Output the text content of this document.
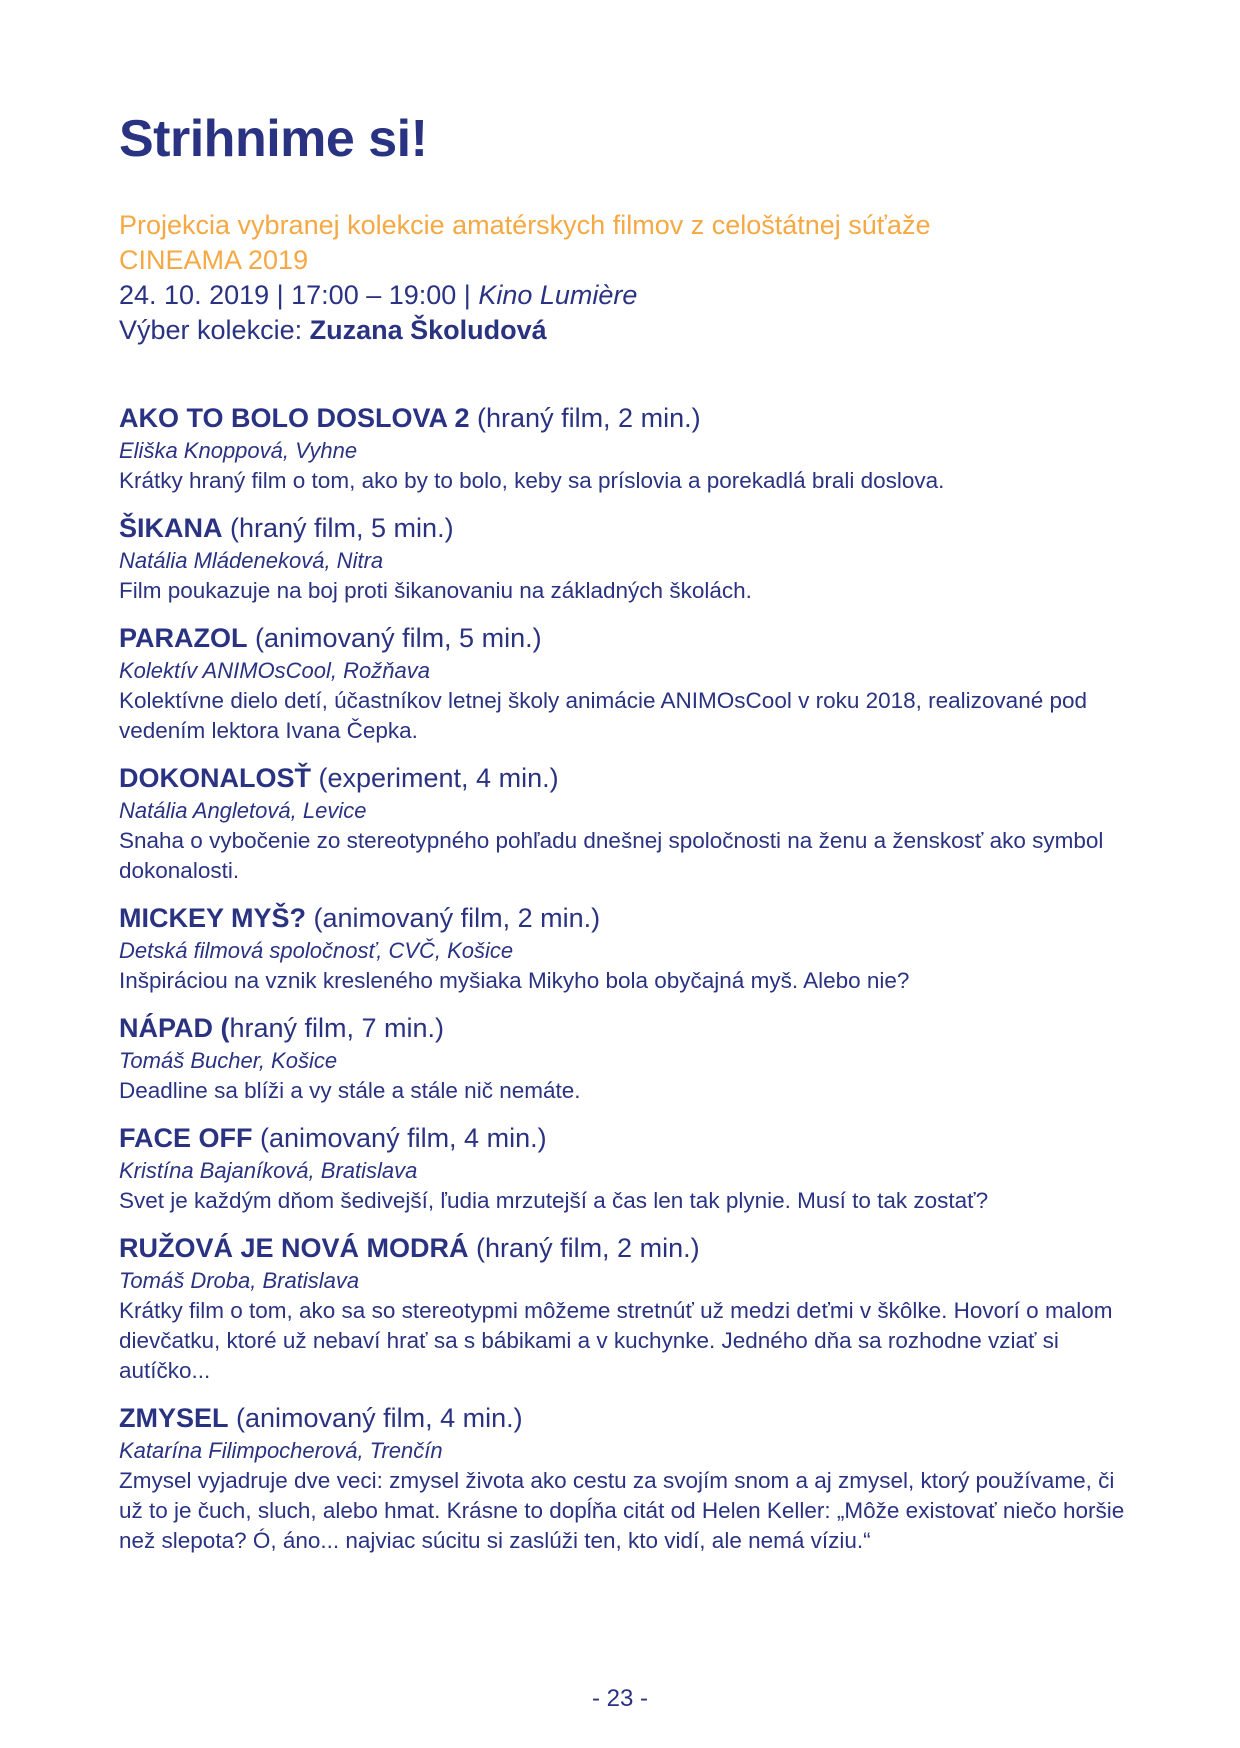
Strihnime si!

Projekcia vybranej kolekcie amatérskych filmov z celoštátnej súťaže
CINEAMA 2019

24. 10. 2019 | 17:00 – 19:00 | Kino Lumière

Výber kolekcie: Zuzana Školudová

AKO TO BOLO DOSLOVA 2 (hraný film, 2 min.)

Eliška Knoppová, Vyhne

Krátky hraný film o tom, ako by to bolo, keby sa príslovia a porekadlá brali doslova.

ŠIKANA (hraný film, 5 min.)

Natália Mládeneková, Nitra

Film poukazuje na boj proti šikanovaniu na základných školách.

PARAZOL (animovaný film, 5 min.)

Kolektív ANIMOsCool, Rožňava

Kolektívne dielo detí, účastníkov letnej školy animácie ANIMOsCool v roku 2018, realizované pod vedením lektora Ivana Čepka.

DOKONALOSŤ (experiment, 4 min.)

Natália Angletová, Levice

Snaha o vybočenie zo stereotypného pohľadu dnešnej spoločnosti na ženu a ženskosť ako symbol dokonalosti.

MICKEY MYŠ? (animovaný film, 2 min.)

Detská filmová spoločnosť, CVČ, Košice

Inšpiráciou na vznik kresleného myšiaka Mikyho bola obyčajná myš. Alebo nie?

NÁPAD (hraný film, 7 min.)

Tomáš Bucher, Košice

Deadline sa blíži a vy stále a stále nič nemáte.

FACE OFF (animovaný film, 4 min.)

Kristína Bajaníková, Bratislava

Svet je každým dňom šedivejší, ľudia mrzutejší a čas len tak plynie. Musí to tak zostať?

RUŽOVÁ JE NOVÁ MODRÁ (hraný film, 2 min.)

Tomáš Droba, Bratislava

Krátky film o tom, ako sa so stereotypmi môžeme stretnúť už medzi deťmi v škôlke. Hovorí o malom dievčatku, ktoré už nebaví hrať sa s bábikami a v kuchynke. Jedného dňa sa rozhodne vziať si autíčko...

ZMYSEL (animovaný film, 4 min.)

Katarína Filimpocherová, Trenčín

Zmysel vyjadruje dve veci: zmysel života ako cestu za svojím snom a aj zmysel, ktorý používame, či už to je čuch, sluch, alebo hmat. Krásne to dopĺňa citát od Helen Keller: „Môže existovať niečo horšie než slepota? Ó, áno... najviac súcitu si zaslúži ten, kto vidí, ale nemá víziu.“

- 23 -
